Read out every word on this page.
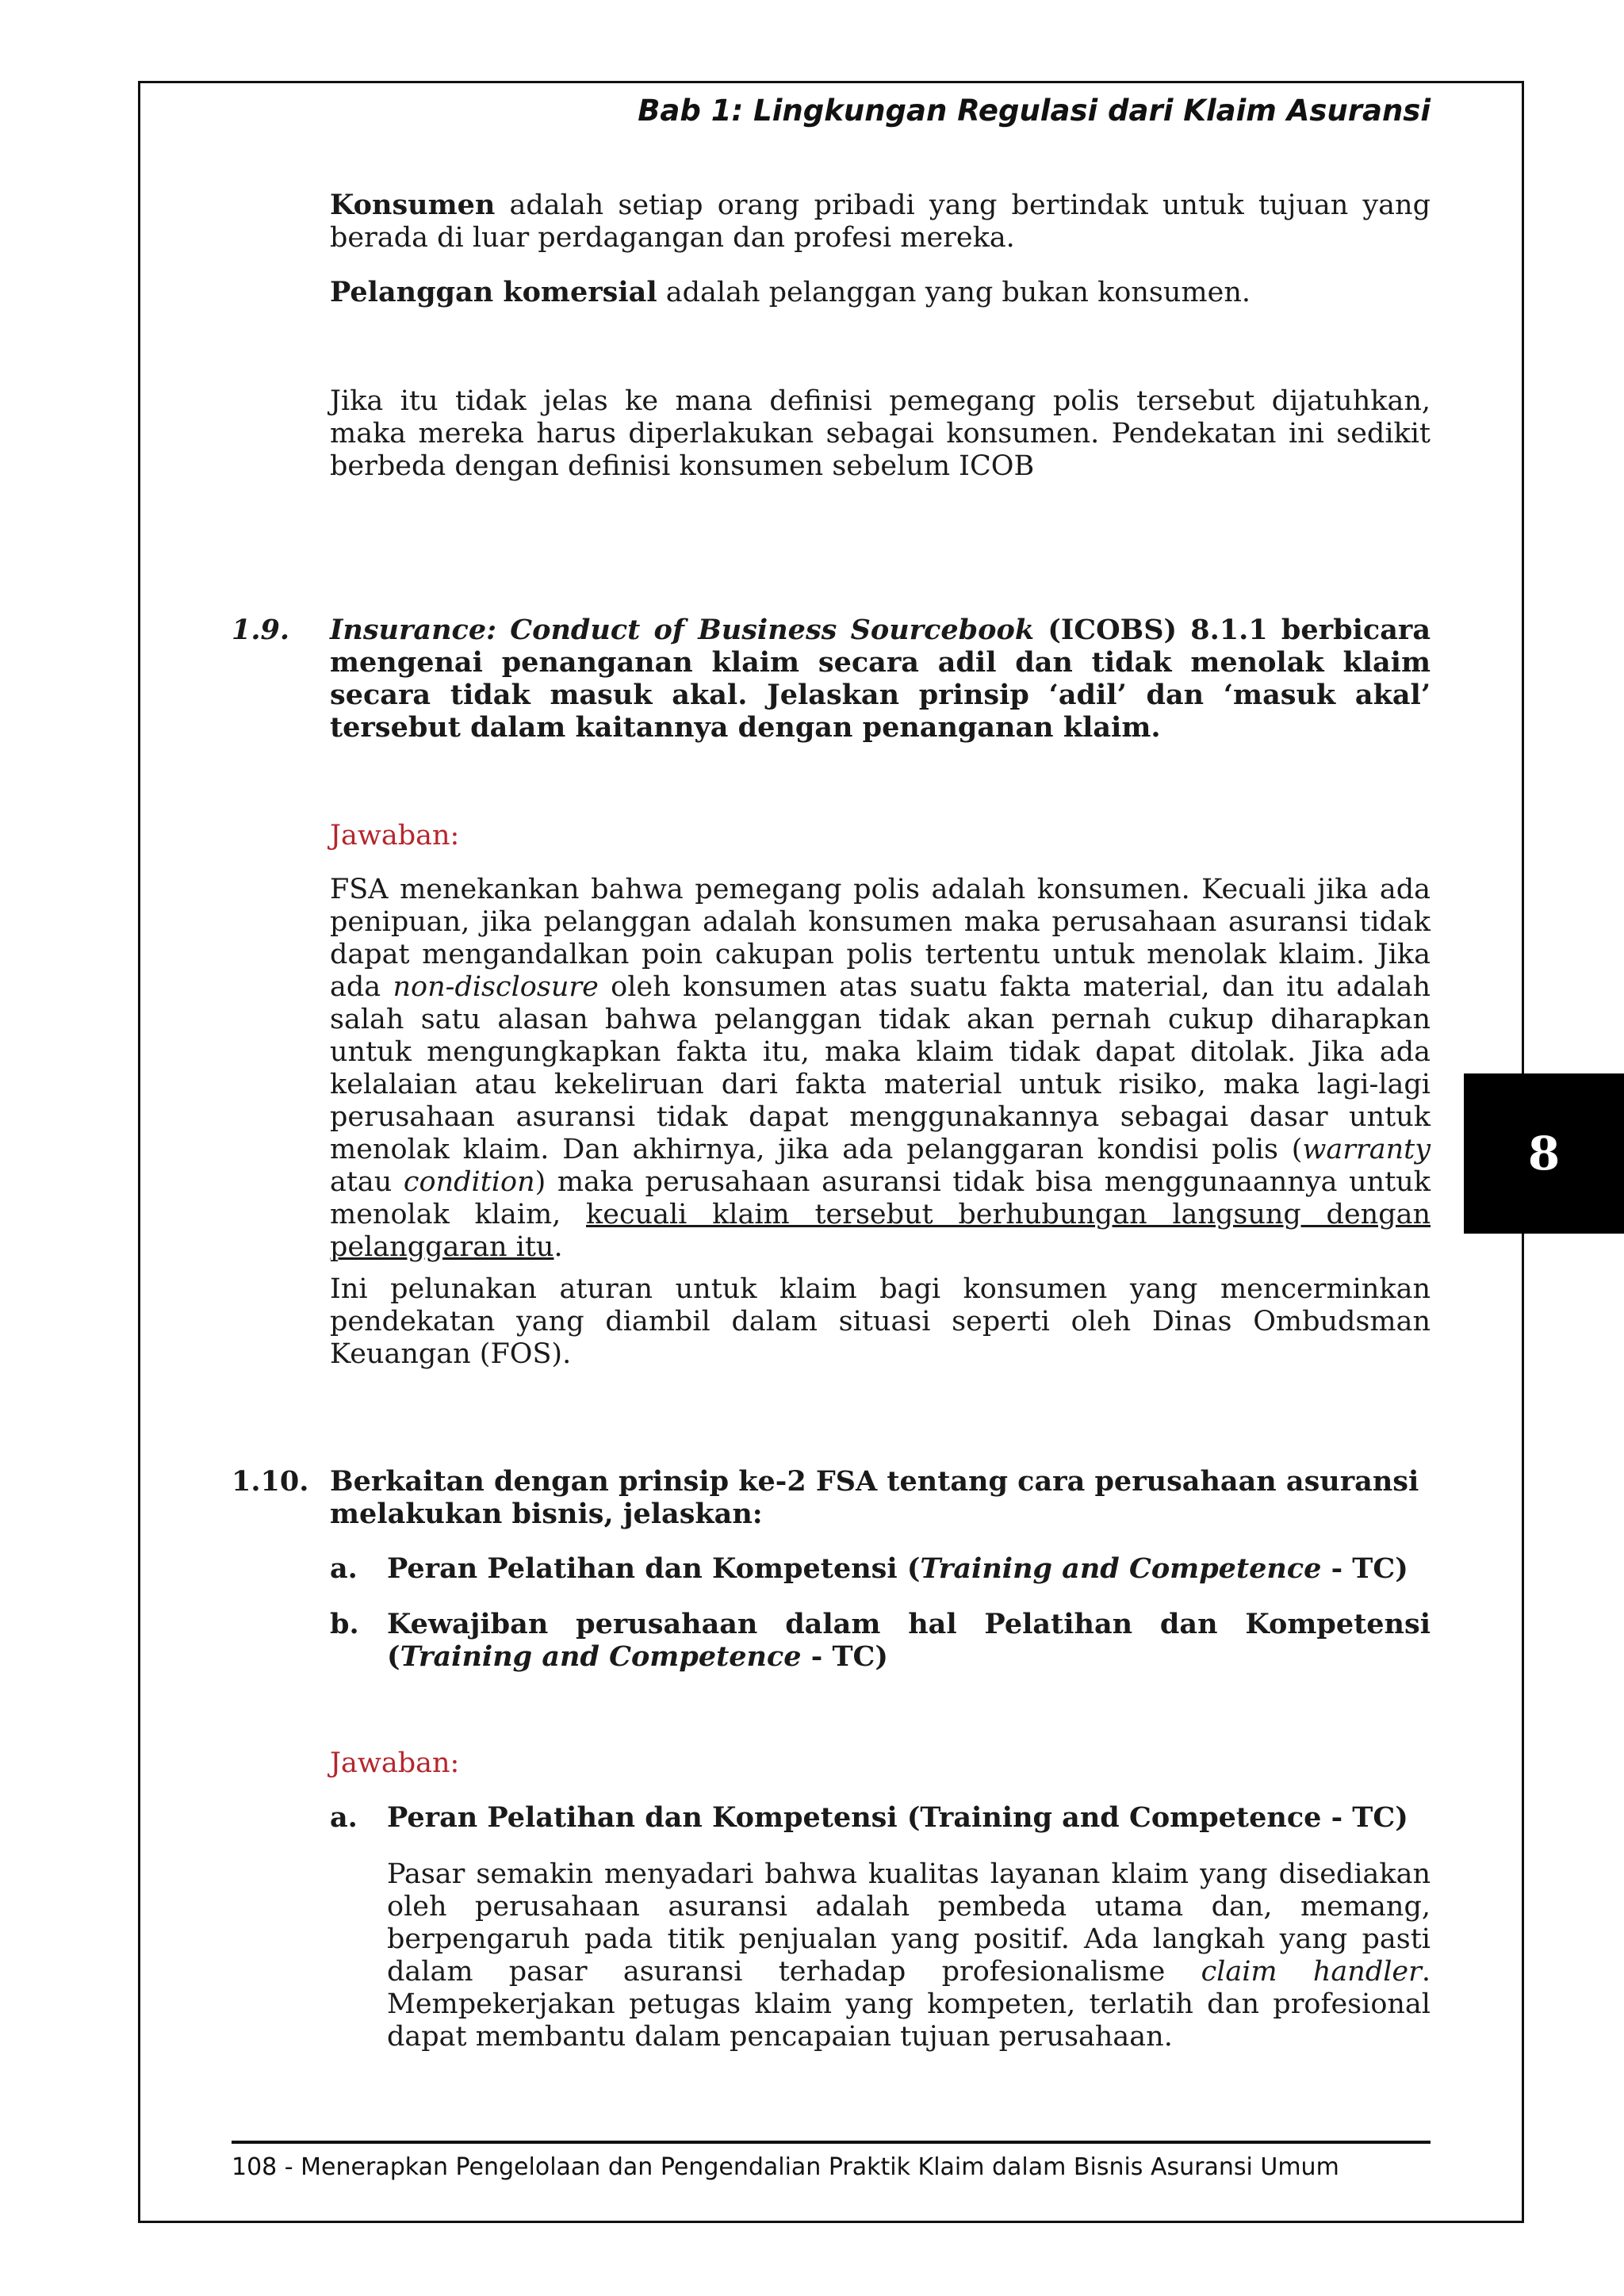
Bab 1: Lingkungan Regulasi dari Klaim Asuransi

Konsumen adalah setiap orang pribadi yang bertindak untuk tujuan yang berada di luar perdagangan dan profesi mereka.

Pelanggan komersial adalah pelanggan yang bukan konsumen.

Jika itu tidak jelas ke mana definisi pemegang polis tersebut dijatuhkan, maka mereka harus diperlakukan sebagai konsumen. Pendekatan ini sedikit berbeda dengan definisi konsumen sebelum ICOB

1.9. Insurance: Conduct of Business Sourcebook (ICOBS) 8.1.1 berbicara mengenai penanganan klaim secara adil dan tidak menolak klaim secara tidak masuk akal. Jelaskan prinsip ‘adil’ dan ‘masuk akal’ tersebut dalam kaitannya dengan penanganan klaim.

Jawaban:

FSA menekankan bahwa pemegang polis adalah konsumen. Kecuali jika ada penipuan, jika pelanggan adalah konsumen maka perusahaan asuransi tidak dapat mengandalkan poin cakupan polis tertentu untuk menolak klaim. Jika ada non-disclosure oleh konsumen atas suatu fakta material, dan itu adalah salah satu alasan bahwa pelanggan tidak akan pernah cukup diharapkan untuk mengungkapkan fakta itu, maka klaim tidak dapat ditolak. Jika ada kelalaian atau kekeliruan dari fakta material untuk risiko, maka lagi-lagi perusahaan asuransi tidak dapat menggunakannya sebagai dasar untuk menolak klaim. Dan akhirnya, jika ada pelanggaran kondisi polis (warranty atau condition) maka perusahaan asuransi tidak bisa menggunaannya untuk menolak klaim, kecuali klaim tersebut berhubungan langsung dengan pelanggaran itu.

Ini pelunakan aturan untuk klaim bagi konsumen yang mencerminkan pendekatan yang diambil dalam situasi seperti oleh Dinas Ombudsman Keuangan (FOS).

1.10. Berkaitan dengan prinsip ke-2 FSA tentang cara perusahaan asuransi melakukan bisnis, jelaskan:

a. Peran Pelatihan dan Kompetensi (Training and Competence - TC)

b. Kewajiban perusahaan dalam hal Pelatihan dan Kompetensi (Training and Competence - TC)

Jawaban:
a. Peran Pelatihan dan Kompetensi (Training and Competence - TC)

Pasar semakin menyadari bahwa kualitas layanan klaim yang disediakan oleh perusahaan asuransi adalah pembeda utama dan, memang, berpengaruh pada titik penjualan yang positif. Ada langkah yang pasti dalam pasar asuransi terhadap profesionalisme claim handler. Mempekerjakan petugas klaim yang kompeten, terlatih dan profesional dapat membantu dalam pencapaian tujuan perusahaan.

8
108 - Menerapkan Pengelolaan dan Pengendalian Praktik Klaim dalam Bisnis Asuransi Umum
